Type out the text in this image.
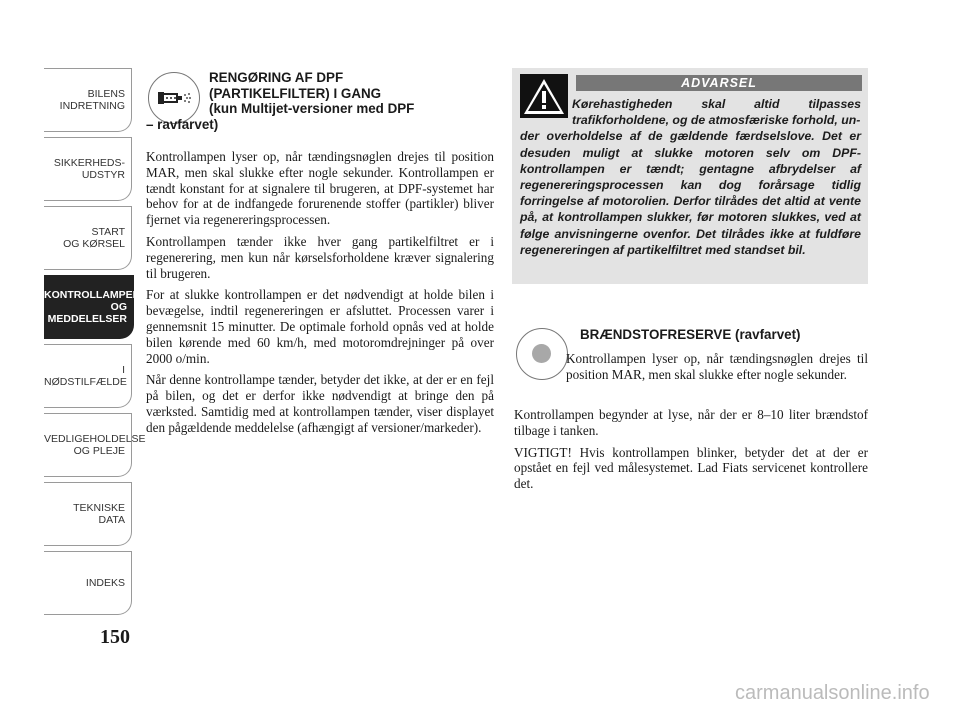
BILENS
INDRETNING
SIKKERHEDS-
UDSTYR
START
OG KØRSEL
KONTROLLAMPER
OG MEDDELELSER
I NØDSTILFÆLDE
VEDLIGEHOLDELSE
OG PLEJE
TEKNISKE DATA
INDEKS
150
RENGØRING AF DPF
(PARTIKELFILTER) I GANG
(kun Multijet-versioner med DPF
– ravfarvet)

Kontrollampen lyser op, når tændingsnøglen drejes til position MAR, men skal slukke efter nogle sekunder. Kontrollampen er tændt konstant for at signalere til brugeren, at DPF-systemet har behov for at de indfangede forurenende stoffer (partikler) bliver fjernet via regenereringsprocessen.

Kontrollampen tænder ikke hver gang partikelfiltret er i regenerering, men kun når kørselsforholdene kræver signalering til brugeren.

For at slukke kontrollampen er det nødvendigt at holde bilen i bevægelse, indtil regenereringen er afsluttet. Processen varer i gennemsnit 15 minutter. De optimale forhold opnås ved at holde bilen kørende med 60 km/h, med motoromdrejninger på over 2000 o/min.

Når denne kontrollampe tænder, betyder det ikke, at der er en fejl på bilen, og det er derfor ikke nødvendigt at bringe den på værksted. Samtidig med at kontrollampen tænder, viser displayet den pågældende meddelelse (afhængigt af versioner/markeder).

ADVARSEL
Kørehastigheden skal altid tilpasses trafikforholdene, og de atmosfæriske forhold, un-
der overholdelse af de gældende færdselslove. Det er desuden muligt at slukke motoren selv om DPF-kontrollampen er tændt; gentagne afbrydelser af regenereringsprocessen kan dog forårsage tidlig forringelse af motorolien. Derfor tilrådes det altid at vente på, at kontrollampen slukker, før motoren slukkes, ved at følge anvisningerne ovenfor. Det tilrådes ikke at fuldføre regenereringen af partikelfiltret med standset bil.
BRÆNDSTOFRESERVE (ravfarvet)
Kontrollampen lyser op, når tændingsnøglen drejes til position MAR, men skal slukke efter nogle sekunder.

Kontrollampen begynder at lyse, når der er 8–10 liter brændstof tilbage i tanken.

VIGTIGT! Hvis kontrollampen blinker, betyder det at der er opstået en fejl ved målesystemet. Lad Fiats servicenet kontrollere det.

carmanualsonline.info
